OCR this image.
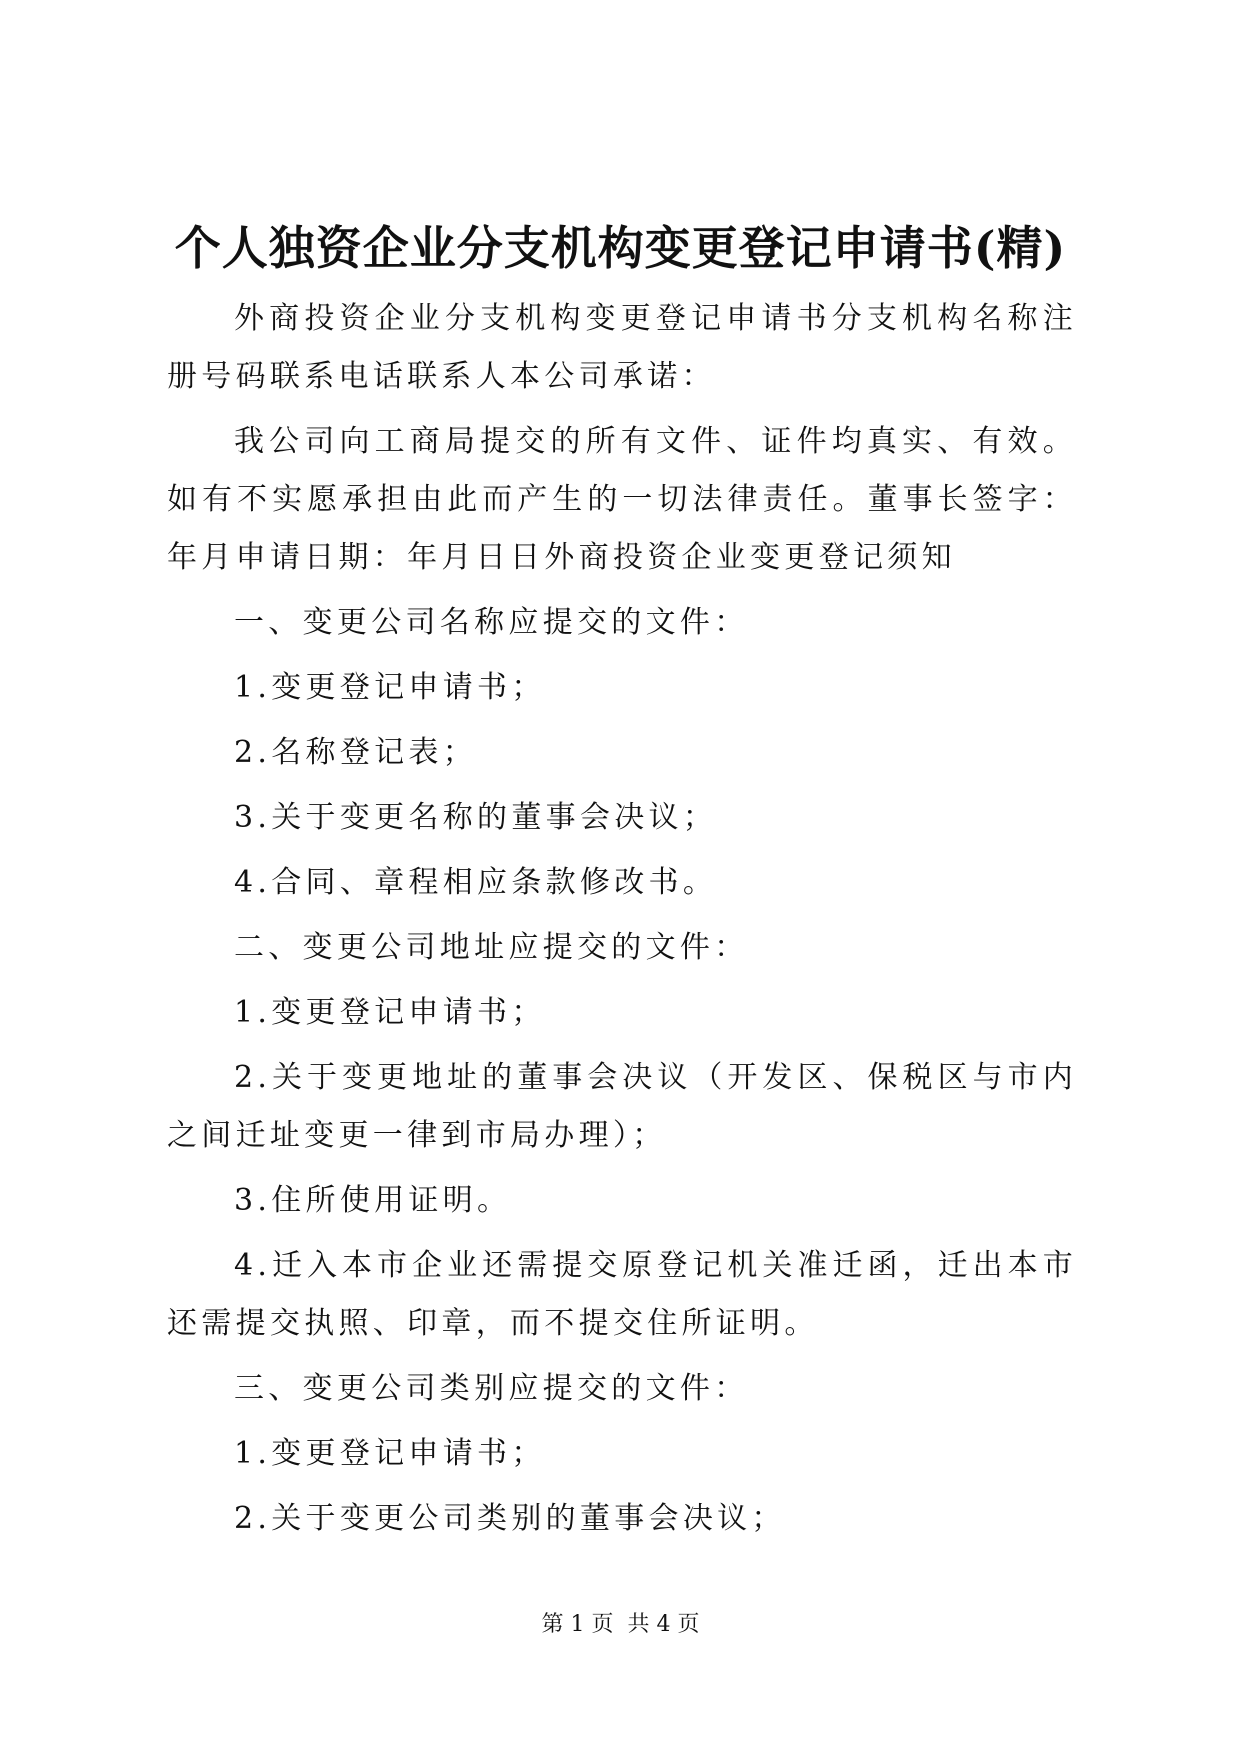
个人独资企业分支机构变更登记申请书(精)

外商投资企业分支机构变更登记申请书分支机构名称注册号码联系电话联系人本公司承诺：

我公司向工商局提交的所有文件、证件均真实、有效。如有不实愿承担由此而产生的一切法律责任。董事长签字：年月申请日期：年月日日外商投资企业变更登记须知

一、变更公司名称应提交的文件：

1.变更登记申请书；

2.名称登记表；

3.关于变更名称的董事会决议；

4.合同、章程相应条款修改书。

二、变更公司地址应提交的文件：

1.变更登记申请书；

2.关于变更地址的董事会决议（开发区、保税区与市内之间迁址变更一律到市局办理）；

3.住所使用证明。

4.迁入本市企业还需提交原登记机关准迁函，迁出本市还需提交执照、印章，而不提交住所证明。

三、变更公司类别应提交的文件：

1.变更登记申请书；

2.关于变更公司类别的董事会决议；

第 1 页  共 4 页
